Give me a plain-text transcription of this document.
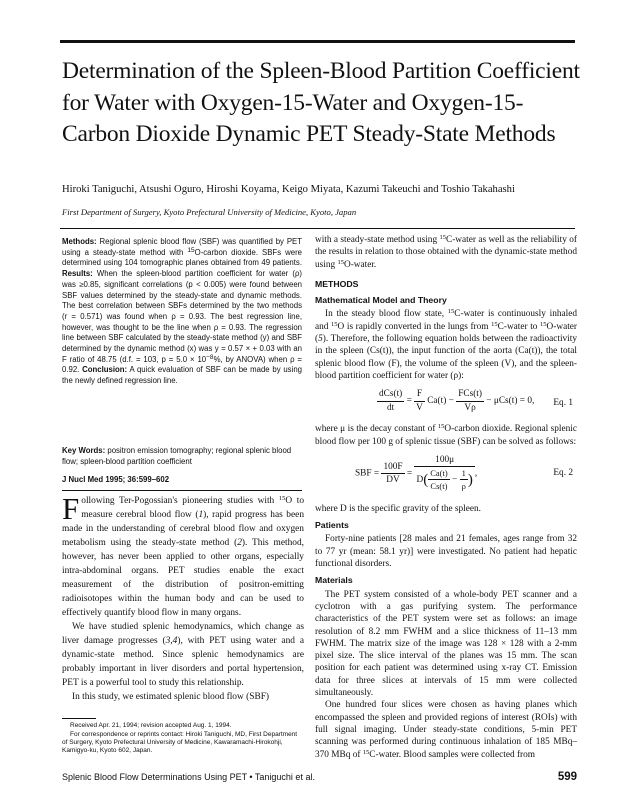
Determination of the Spleen-Blood Partition Coefficient for Water with Oxygen-15-Water and Oxygen-15-Carbon Dioxide Dynamic PET Steady-State Methods

Hiroki Taniguchi, Atsushi Oguro, Hiroshi Koyama, Keigo Miyata, Kazumi Takeuchi and Toshio Takahashi

First Department of Surgery, Kyoto Prefectural University of Medicine, Kyoto, Japan

Methods: Regional splenic blood flow (SBF) was quantified by PET using a steady-state method with $^{15}$O-carbon dioxide. SBFs were determined using 104 tomographic planes obtained from 49 patients. Results: When the spleen-blood partition coefficient for water (ρ) was ≥0.85, significant correlations (p < 0.005) were found between SBF values determined by the steady-state and dynamic methods. The best correlation between SBFs determined by the two methods (r = 0.571) was found when ρ = 0.93. The best regression line, however, was thought to be the line when ρ = 0.93. The regression line between SBF calculated by the steady-state method (y) and SBF determined by the dynamic method (x) was y = 0.57 × + 0.03 with an F ratio of 48.75 (d.f. = 103, $p = 5.0 \times 10^{-8}\%$, by ANOVA) when ρ = 0.92. Conclusion: A quick evaluation of SBF can be made by using the newly defined regression line.

Key Words: positron emission tomography; regional splenic blood flow; spleen-blood partition coefficient

J Nucl Med 1995; 36:599–602

Following Ter-Pogossian's pioneering studies with $^{15}$O to measure cerebral blood flow (1), rapid progress has been made in the understanding of cerebral blood flow and oxygen metabolism using the steady-state method (2). This method, however, has never been applied to other organs, especially intra-abdominal organs. PET studies enable the exact measurement of the distribution of positron-emitting radioisotopes within the human body and can be used to effectively quantify blood flow in many organs.

We have studied splenic hemodynamics, which change as liver damage progresses (3,4), with PET using water and a dynamic-state method. Since splenic hemodynamics are probably important in liver disorders and portal hypertension, PET is a powerful tool to study this relationship.

In this study, we estimated splenic blood flow (SBF)

Received Apr. 21, 1994; revision accepted Aug. 1, 1994.

For correspondence or reprints contact: Hiroki Taniguchi, MD, First Department of Surgery, Kyoto Prefectural University of Medicine, Kawaramachi-Hirokohji, Kamigyo-ku, Kyoto 602, Japan.

with a steady-state method using $^{15}$C-water as well as the reliability of the results in relation to those obtained with the dynamic-state method using $^{15}$O-water.

METHODS
Mathematical Model and Theory

In the steady blood flow state, $^{15}$C-water is continuously inhaled and $^{15}$O is rapidly converted in the lungs from $^{15}$C-water to $^{15}$O-water (5). Therefore, the following equation holds between the radioactivity in the spleen (Cs(t)), the input function of the aorta (Ca(t)), the total splenic blood flow (F), the volume of the spleen (V), and the spleen-blood partition coefficient for water (ρ):

$\frac{\text{dCs(t)}}{dt} = \frac{F}{V} Ca(t) - \frac{\text{FCs(t)}}{V\rho} - \mu Cs(t) = 0$, Eq. 1

where μ is the decay constant of $^{15}$O-carbon dioxide. Regional splenic blood flow per 100 g of splenic tissue (SBF) can be solved as follows:

SBF = $\frac{100F}{DV} = \frac{100\mu}{D( \frac{Ca(t)}{Cs(t)} - \frac{1}{\rho} )}$ ,	Eq. 2

where D is the specific gravity of the spleen.

Patients

Forty-nine patients [28 males and 21 females, ages range from 32 to 77 yr (mean: 58.1 yr)] were investigated. No patient had hepatic functional disorders.

Materials

The PET system consisted of a whole-body PET scanner and a cyclotron with a gas purifying system. The performance characteristics of the PET system were set as follows: an image resolution of 8.2 mm FWHM and a slice thickness of 11–13 mm FWHM. The matrix size of the image was 128 × 128 with a 2-mm pixel size. The slice interval of the planes was 15 mm. The scan position for each patient was determined using x-ray CT. Emission data for three slices at intervals of 15 mm were collected simultaneously.

One hundred four slices were chosen as having planes which encompassed the spleen and provided regions of interest (ROIs) with full signal imaging. Under steady-state conditions, 5-min PET scanning was performed during continuous inhalation of 185 MBq–370 MBq of $^{15}$C-water. Blood samples were collected from

Splenic Blood Flow Determinations Using PET • Taniguchi et al.	599
